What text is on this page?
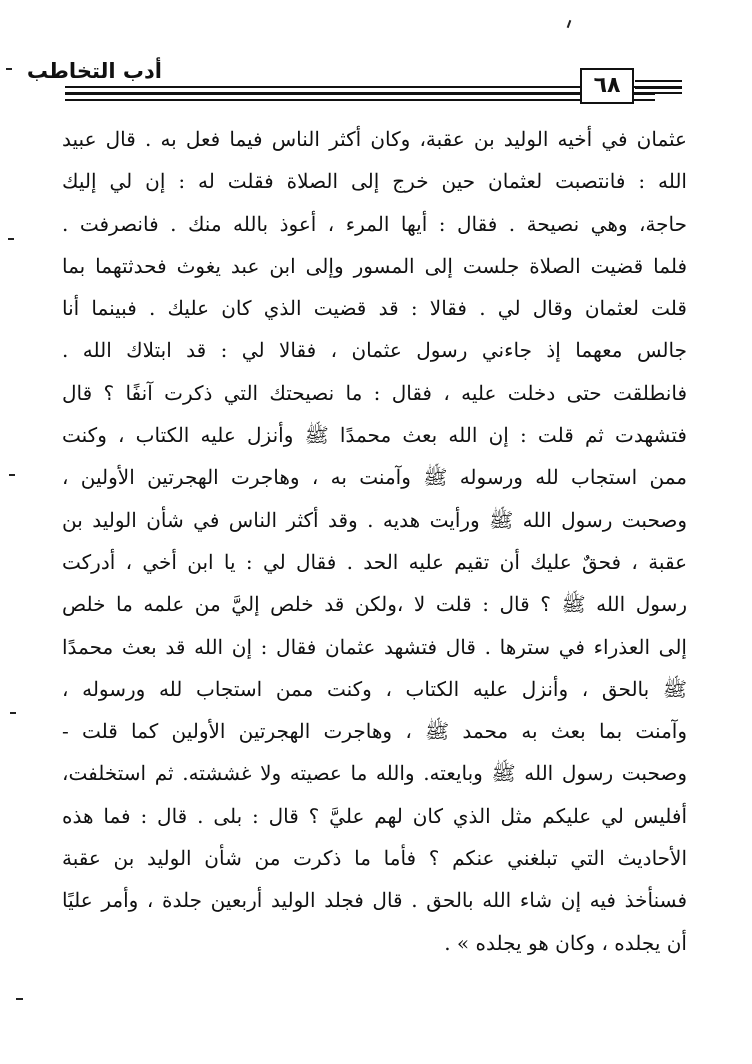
أدب التخاطب
٦٨
عثمان في أخيه الوليد بن عقبة، وكان أكثر الناس فيما فعل به . قال عبيد
الله : فانتصبت لعثمان حين خرج إلى الصلاة فقلت له : إن لي إليك
حاجة، وهي نصيحة . فقال : أيها المرء ، أعوذ بالله منك . فانصرفت .
فلما قضيت الصلاة جلست إلى المسور وإلى ابن عبد يغوث فحدثتهما بما
قلت لعثمان وقال لي . فقالا : قد قضيت الذي كان عليك . فبينما أنا
جالس معهما إذ جاءني رسول عثمان ، فقالا لي : قد ابتلاك الله .
فانطلقت حتى دخلت عليه ، فقال : ما نصيحتك التي ذكرت آنفًا ؟ قال
فتشهدت ثم قلت : إن الله بعث محمدًا ﷺ وأنزل عليه الكتاب ، وكنت
ممن استجاب لله ورسوله ﷺ وآمنت به ، وهاجرت الهجرتين الأولين ،
وصحبت رسول الله ﷺ ورأيت هديه . وقد أكثر الناس في شأن الوليد بن
عقبة ، فحقٌ عليك أن تقيم عليه الحد . فقال لي : يا ابن أخي ، أدركت
رسول الله ﷺ ؟ قال : قلت لا ،ولكن قد خلص إليَّ من علمه ما خلص
إلى العذراء في سترها . قال فتشهد عثمان فقال : إن الله قد بعث محمدًا
ﷺ بالحق ، وأنزل عليه الكتاب ، وكنت ممن استجاب لله ورسوله ،
وآمنت بما بعث به محمد ﷺ ، وهاجرت الهجرتين الأولين كما قلت -
وصحبت رسول الله ﷺ وبايعته. والله ما عصيته ولا غششته. ثم استخلفت،
أفليس لي عليكم مثل الذي كان لهم عليَّ ؟ قال : بلى . قال : فما هذه
الأحاديث التي تبلغني عنكم ؟ فأما ما ذكرت من شأن الوليد بن عقبة
فسنأخذ فيه إن شاء الله بالحق . قال فجلد الوليد أربعين جلدة ، وأمر عليًا
أن يجلده ، وكان هو يجلده » .
